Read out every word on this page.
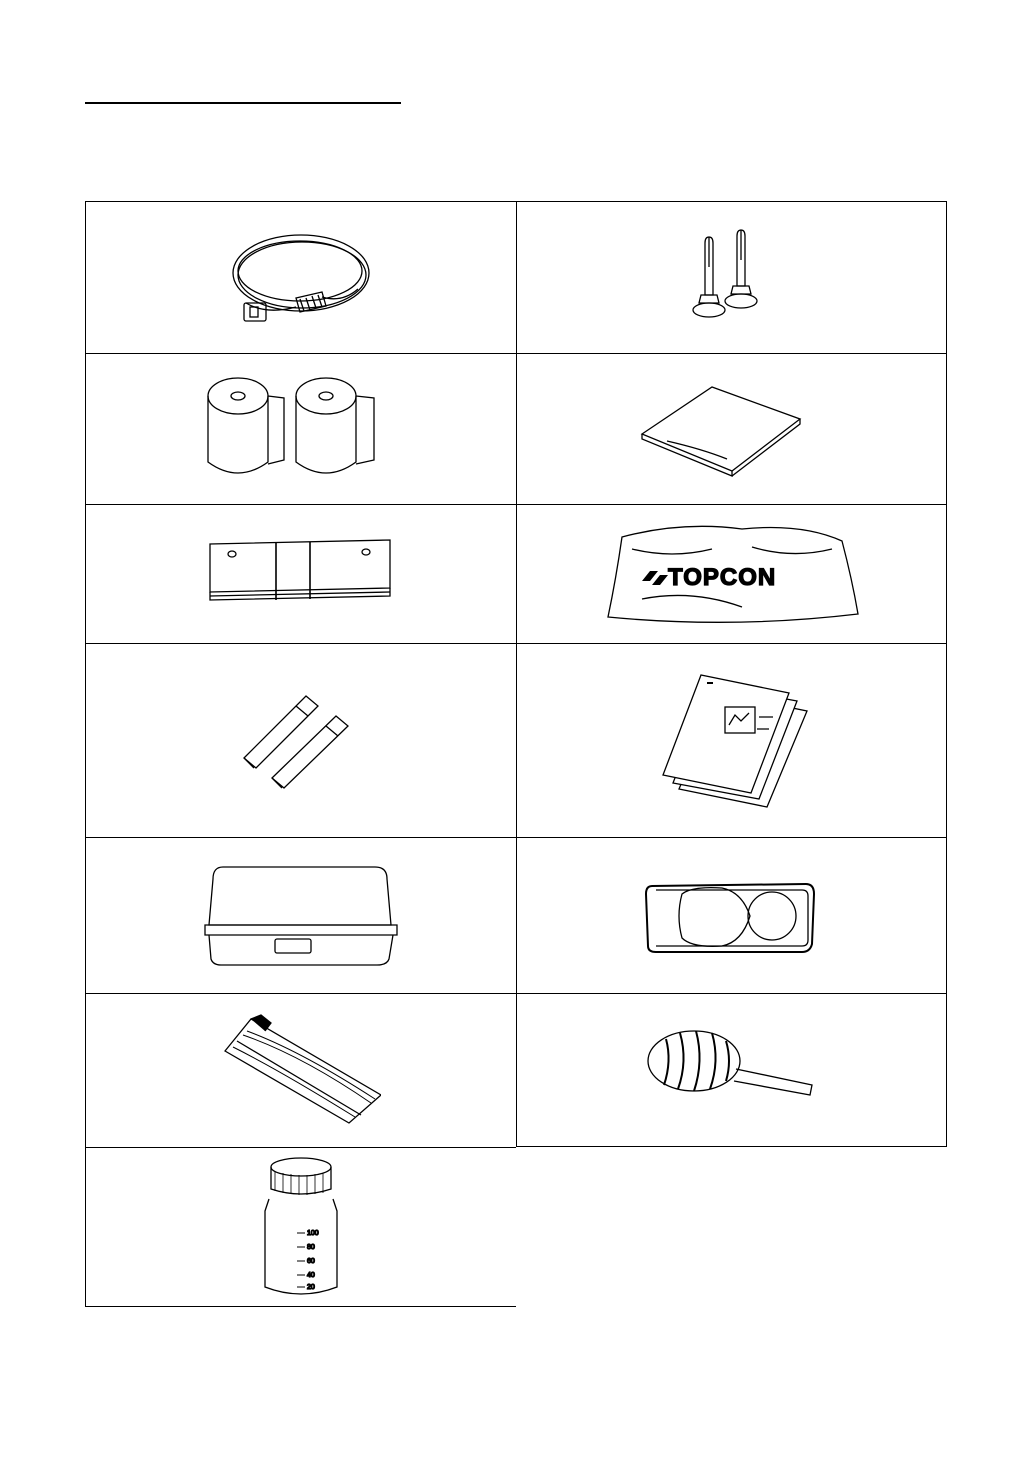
TOPCON
100
80
60
40
20
